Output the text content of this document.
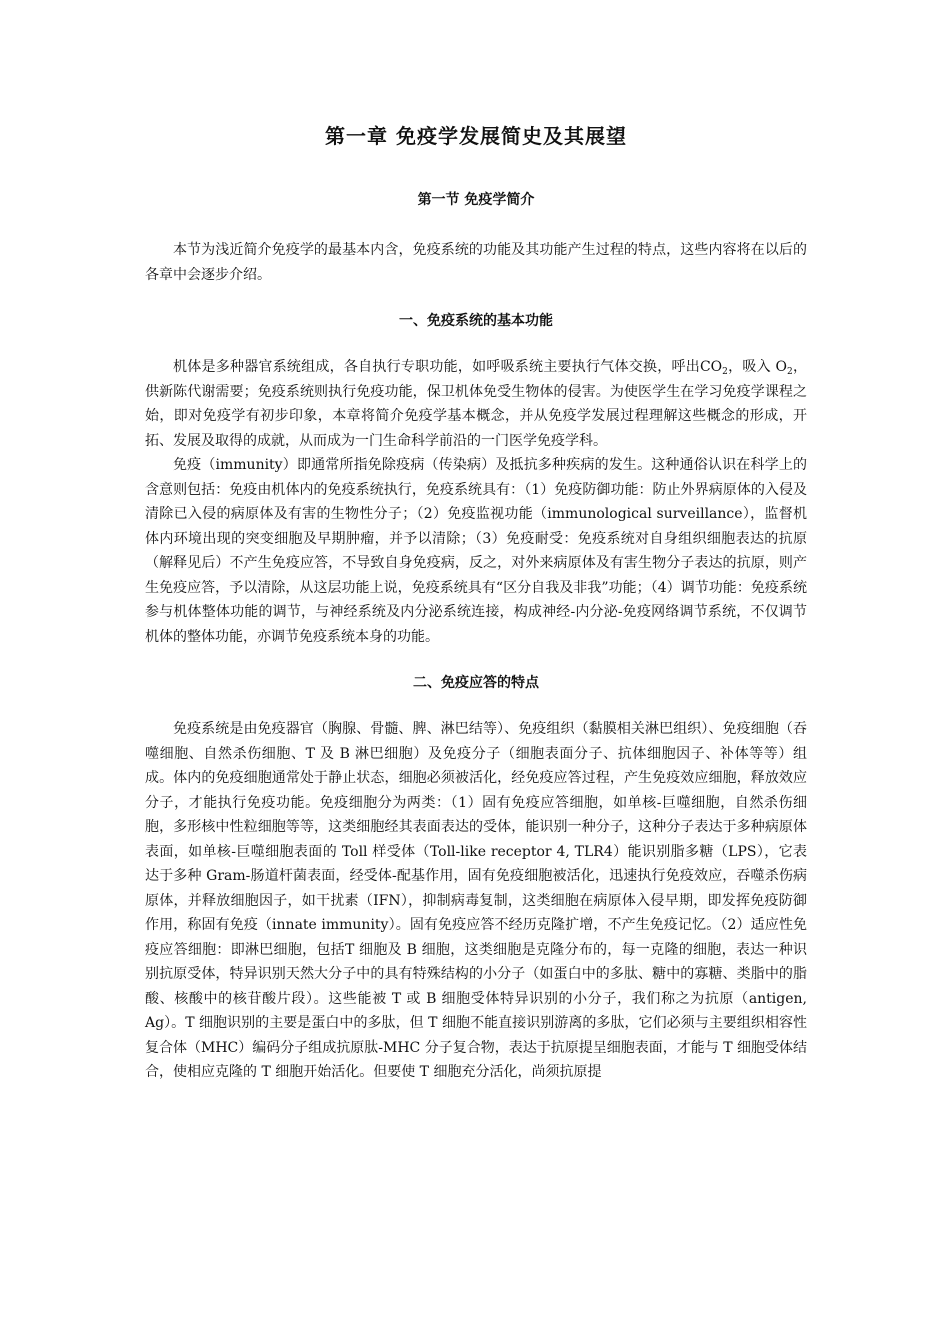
第一章 免疫学发展简史及其展望
第一节 免疫学简介

本节为浅近简介免疫学的最基本内含，免疫系统的功能及其功能产生过程的特点，这些内容将在以后的各章中会逐步介绍。

一、免疫系统的基本功能

机体是多种器官系统组成，各自执行专职功能，如呼吸系统主要执行气体交换，呼出$CO_2$，吸入 $O_2$，供新陈代谢需要；免疫系统则执行免疫功能，保卫机体免受生物体的侵害。为使医学生在学习免疫学课程之始，即对免疫学有初步印象，本章将简介免疫学基本概念，并从免疫学发展过程理解这些概念的形成，开拓、发展及取得的成就，从而成为一门生命科学前沿的一门医学免疫学科。

免疫（immunity）即通常所指免除疫病（传染病）及抵抗多种疾病的发生。这种通俗认识在科学上的含意则包括：免疫由机体内的免疫系统执行，免疫系统具有：（1）免疫防御功能：防止外界病原体的入侵及清除已入侵的病原体及有害的生物性分子；（2）免疫监视功能（immunological surveillance），监督机体内环境出现的突变细胞及早期肿瘤，并予以清除；（3）免疫耐受：免疫系统对自身组织细胞表达的抗原（解释见后）不产生免疫应答，不导致自身免疫病，反之，对外来病原体及有害生物分子表达的抗原，则产生免疫应答，予以清除，从这层功能上说，免疫系统具有“区分自我及非我”功能；（4）调节功能：免疫系统参与机体整体功能的调节，与神经系统及内分泌系统连接，构成神经-内分泌-免疫网络调节系统，不仅调节机体的整体功能，亦调节免疫系统本身的功能。

二、免疫应答的特点

免疫系统是由免疫器官（胸腺、骨髓、脾、淋巴结等）、免疫组织（黏膜相关淋巴组织）、免疫细胞（吞噬细胞、自然杀伤细胞、T 及 B 淋巴细胞）及免疫分子（细胞表面分子、抗体细胞因子、补体等等）组成。体内的免疫细胞通常处于静止状态，细胞必须被活化，经免疫应答过程，产生免疫效应细胞，释放效应分子，才能执行免疫功能。免疫细胞分为两类：（1）固有免疫应答细胞，如单核-巨噬细胞，自然杀伤细胞，多形核中性粒细胞等等，这类细胞经其表面表达的受体，能识别一种分子，这种分子表达于多种病原体表面，如单核-巨噬细胞表面的 Toll 样受体（Toll-like receptor 4, TLR4）能识别脂多糖（LPS），它表达于多种 Gram-肠道杆菌表面，经受体-配基作用，固有免疫细胞被活化，迅速执行免疫效应，吞噬杀伤病原体，并释放细胞因子，如干扰素（IFN），抑制病毒复制，这类细胞在病原体入侵早期，即发挥免疫防御作用，称固有免疫（innate immunity）。固有免疫应答不经历克隆扩增，不产生免疫记忆。（2）适应性免疫应答细胞：即淋巴细胞，包括T 细胞及 B 细胞，这类细胞是克隆分布的，每一克隆的细胞，表达一种识别抗原受体，特异识别天然大分子中的具有特殊结构的小分子（如蛋白中的多肽、糖中的寡糖、类脂中的脂酸、核酸中的核苷酸片段）。这些能被 T 或 B 细胞受体特异识别的小分子，我们称之为抗原（antigen, Ag）。T 细胞识别的主要是蛋白中的多肽，但 T 细胞不能直接识别游离的多肽，它们必须与主要组织相容性复合体（MHC）编码分子组成抗原肽-MHC 分子复合物，表达于抗原提呈细胞表面，才能与 T 细胞受体结合，使相应克隆的 T 细胞开始活化。但要使 T 细胞充分活化，尚须抗原提
